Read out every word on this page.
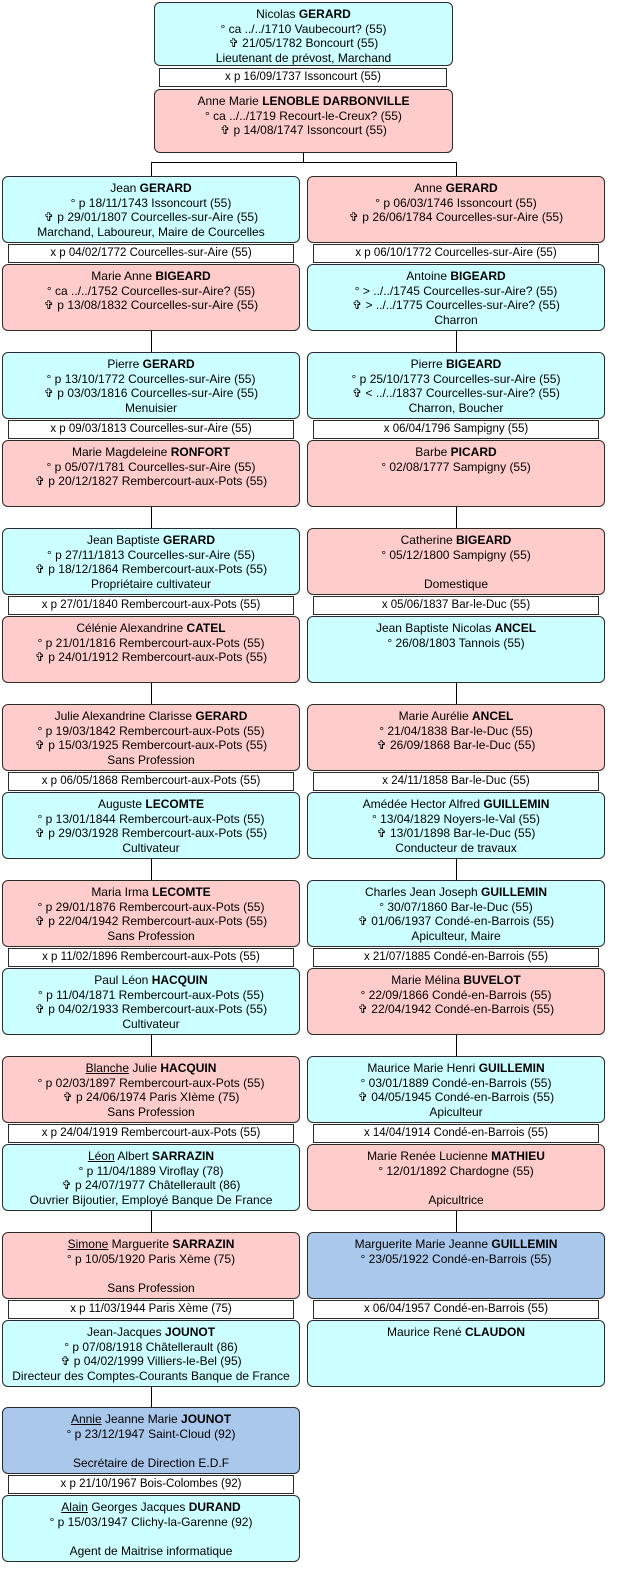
Nicolas GERARD
° ca ../../1710 Vaubecourt? (55)
✞ 21/05/1782 Boncourt (55)
Lieutenant de prévost, Marchand
x p 16/09/1737 Issoncourt (55)
Anne Marie LENOBLE DARBONVILLE
° ca ../../1719 Recourt-le-Creux? (55)
✞ p 14/08/1747 Issoncourt (55)
Jean GERARD
° p 18/11/1743 Issoncourt (55)
✞ p 29/01/1807 Courcelles-sur-Aire (55)
Marchand, Laboureur, Maire de Courcelles
x p 04/02/1772 Courcelles-sur-Aire (55)
Marie Anne BIGEARD
° ca ../../1752 Courcelles-sur-Aire? (55)
✞ p 13/08/1832 Courcelles-sur-Aire (55)
Pierre GERARD
° p 13/10/1772 Courcelles-sur-Aire (55)
✞ p 03/03/1816 Courcelles-sur-Aire (55)
Menuisier
x p 09/03/1813 Courcelles-sur-Aire (55)
Marie Magdeleine RONFORT
° p 05/07/1781 Courcelles-sur-Aire (55)
✞ p 20/12/1827 Rembercourt-aux-Pots (55)
Jean Baptiste GERARD
° p 27/11/1813 Courcelles-sur-Aire (55)
✞ p 18/12/1864 Rembercourt-aux-Pots (55)
Propriétaire cultivateur
x p 27/01/1840 Rembercourt-aux-Pots (55)
Célénie Alexandrine CATEL
° p 21/01/1816 Rembercourt-aux-Pots (55)
✞ p 24/01/1912 Rembercourt-aux-Pots (55)
Julie Alexandrine Clarisse GERARD
° p 19/03/1842 Rembercourt-aux-Pots (55)
✞ p 15/03/1925 Rembercourt-aux-Pots (55)
Sans Profession
x p 06/05/1868 Rembercourt-aux-Pots (55)
Auguste LECOMTE
° p 13/01/1844 Rembercourt-aux-Pots (55)
✞ p 29/03/1928 Rembercourt-aux-Pots (55)
Cultivateur
Maria Irma LECOMTE
° p 29/01/1876 Rembercourt-aux-Pots (55)
✞ p 22/04/1942 Rembercourt-aux-Pots (55)
Sans Profession
x p 11/02/1896 Rembercourt-aux-Pots (55)
Paul Léon HACQUIN
° p 11/04/1871 Rembercourt-aux-Pots (55)
✞ p 04/02/1933 Rembercourt-aux-Pots (55)
Cultivateur
Blanche Julie HACQUIN
° p 02/03/1897 Rembercourt-aux-Pots (55)
✞ p 24/06/1974 Paris XIème (75)
Sans Profession
x p 24/04/1919 Rembercourt-aux-Pots (55)
Léon Albert SARRAZIN
° p 11/04/1889 Viroflay (78)
✞ p 24/07/1977 Châtellerault (86)
Ouvrier Bijoutier, Employé Banque De France
Simone Marguerite SARRAZIN
° p 10/05/1920 Paris Xème (75)

Sans Profession
x p 11/03/1944 Paris Xème (75)
Jean-Jacques JOUNOT
° p 07/08/1918 Châtellerault (86)
✞ p 04/02/1999 Villiers-le-Bel (95)
Directeur des Comptes-Courants Banque de France
Annie Jeanne Marie JOUNOT
° p 23/12/1947 Saint-Cloud (92)

Secrétaire de Direction E.D.F
x p 21/10/1967 Bois-Colombes (92)
Alain Georges Jacques DURAND
° p 15/03/1947 Clichy-la-Garenne (92)

Agent de Maitrise informatique
Anne GERARD
° p 06/03/1746 Issoncourt (55)
✞ p 26/06/1784 Courcelles-sur-Aire (55)
x p 06/10/1772 Courcelles-sur-Aire (55)
Antoine BIGEARD
° > ../../1745 Courcelles-sur-Aire? (55)
✞ > ../../1775 Courcelles-sur-Aire? (55)
Charron
Pierre BIGEARD
° p 25/10/1773 Courcelles-sur-Aire (55)
✞ < ../../1837 Courcelles-sur-Aire? (55)
Charron, Boucher
x 06/04/1796 Sampigny (55)
Barbe PICARD
° 02/08/1777 Sampigny (55)
Catherine BIGEARD
° 05/12/1800 Sampigny (55)

Domestique
x 05/06/1837 Bar-le-Duc (55)
Jean Baptiste Nicolas ANCEL
° 26/08/1803 Tannois (55)
Marie Aurélie ANCEL
° 21/04/1838 Bar-le-Duc (55)
✞ 26/09/1868 Bar-le-Duc (55)
x 24/11/1858 Bar-le-Duc (55)
Amédée Hector Alfred GUILLEMIN
° 13/04/1829 Noyers-le-Val (55)
✞ 13/01/1898 Bar-le-Duc (55)
Conducteur de travaux
Charles Jean Joseph GUILLEMIN
° 30/07/1860 Bar-le-Duc (55)
✞ 01/06/1937 Condé-en-Barrois (55)
Apiculteur, Maire
x 21/07/1885 Condé-en-Barrois (55)
Marie Mélina BUVELOT
° 22/09/1866 Condé-en-Barrois (55)
✞ 22/04/1942 Condé-en-Barrois (55)
Maurice Marie Henri GUILLEMIN
° 03/01/1889 Condé-en-Barrois (55)
✞ 04/05/1945 Condé-en-Barrois (55)
Apiculteur
x 14/04/1914 Condé-en-Barrois (55)
Marie Renée Lucienne MATHIEU
° 12/01/1892 Chardogne (55)

Apicultrice
Marguerite Marie Jeanne GUILLEMIN
° 23/05/1922 Condé-en-Barrois (55)
x 06/04/1957 Condé-en-Barrois (55)
Maurice René CLAUDON
